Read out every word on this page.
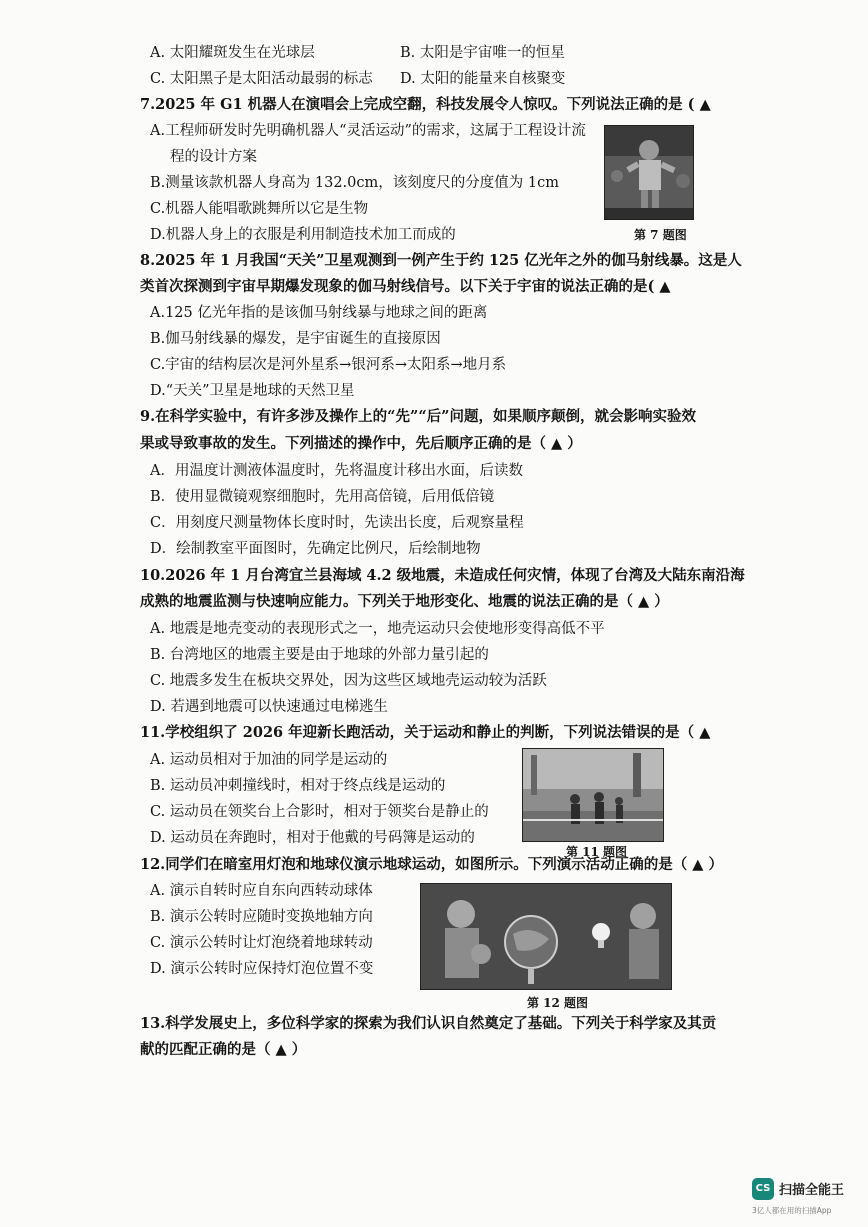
A. 太阳耀斑发生在光球层	B. 太阳是宇宙唯一的恒星
C. 太阳黑子是太阳活动最弱的标志 D. 太阳的能量来自核聚变
7.2025 年 G1 机器人在演唱会上完成空翻，科技发展令人惊叹。下列说法正确的是 ( ▲
A.工程师研发时先明确机器人“灵活运动”的需求，这属于工程设计流
程的设计方案
B.测量该款机器人身高为 132.0cm，该刻度尺的分度值为 1cm
C.机器人能唱歌跳舞所以它是生物
D.机器人身上的衣服是利用制造技术加工而成的	第 7 题图
8.2025 年 1 月我国“天关”卫星观测到一例产生于约 125 亿光年之外的伽马射线暴。这是人
类首次探测到宇宙早期爆发现象的伽马射线信号。以下关于宇宙的说法正确的是( ▲
A.125 亿光年指的是该伽马射线暴与地球之间的距离
B.伽马射线暴的爆发，是宇宙诞生的直接原因
C.宇宙的结构层次是河外星系→银河系→太阳系→地月系
D.“天关”卫星是地球的天然卫星
9.在科学实验中，有许多涉及操作上的“先”“后”问题，如果顺序颠倒，就会影响实验效
果或导致事故的发生。下列描述的操作中，先后顺序正确的是（ ▲ ）
A．用温度计测液体温度时，先将温度计移出水面，后读数
B．使用显微镜观察细胞时，先用高倍镜，后用低倍镜
C．用刻度尺测量物体长度时时，先读出长度，后观察量程
D．绘制教室平面图时，先确定比例尺，后绘制地物
10.2026 年 1 月台湾宜兰县海域 4.2 级地震，未造成任何灾情，体现了台湾及大陆东南沿海
成熟的地震监测与快速响应能力。下列关于地形变化、地震的说法正确的是（ ▲ ）
A. 地震是地壳变动的表现形式之一，地壳运动只会使地形变得高低不平
B. 台湾地区的地震主要是由于地球的外部力量引起的
C. 地震多发生在板块交界处，因为这些区域地壳运动较为活跃
D. 若遇到地震可以快速通过电梯逃生
11.学校组织了 2026 年迎新长跑活动，关于运动和静止的判断，下列说法错误的是（ ▲
A. 运动员相对于加油的同学是运动的
B. 运动员冲刺撞线时，相对于终点线是运动的
C. 运动员在领奖台上合影时，相对于领奖台是静止的
D. 运动员在奔跑时，相对于他戴的号码簿是运动的
第 11 题图
12.同学们在暗室用灯泡和地球仪演示地球运动，如图所示。下列演示活动正确的是（ ▲ ）
A. 演示自转时应自东向西转动球体
B. 演示公转时应随时变换地轴方向
C. 演示公转时让灯泡绕着地球转动
D. 演示公转时应保持灯泡位置不变
第 12 题图
13.科学发展史上，多位科学家的探索为我们认识自然奠定了基础。下列关于科学家及其贡
献的匹配正确的是（ ▲ ）
CS 扫描全能王
3亿人都在用的扫描App
